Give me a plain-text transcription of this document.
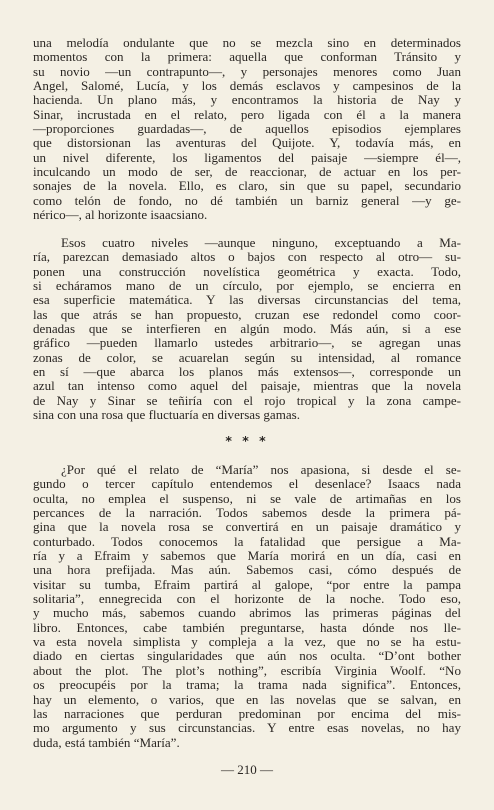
una melodía ondulante que no se mezcla sino en determinados
momentos con la primera: aquella que conforman Tránsito y
su novio —un contrapunto—, y personajes menores como Juan
Angel, Salomé, Lucía, y los demás esclavos y campesinos de la
hacienda. Un plano más, y encontramos la historia de Nay y
Sinar, incrustada en el relato, pero ligada con él a la manera
—proporciones guardadas—, de aquellos episodios ejemplares
que distorsionan las aventuras del Quijote. Y, todavía más, en
un nivel diferente, los ligamentos del paisaje —siempre él—,
inculcando un modo de ser, de reaccionar, de actuar en los per-
sonajes de la novela. Ello, es claro, sin que su papel, secundario
como telón de fondo, no dé también un barniz general —y ge-
nérico—, al horizonte isaacsiano.
Esos cuatro niveles —aunque ninguno, exceptuando a Ma-
ría, parezcan demasiado altos o bajos con respecto al otro— su-
ponen una construcción novelística geométrica y exacta. Todo,
si echáramos mano de un círculo, por ejemplo, se encierra en
esa superficie matemática. Y las diversas circunstancias del tema,
las que atrás se han propuesto, cruzan ese redondel como coor-
denadas que se interfieren en algún modo. Más aún, si a ese
gráfico —pueden llamarlo ustedes arbitrario—, se agregan unas
zonas de color, se acuarelan según su intensidad, al romance
en sí —que abarca los planos más extensos—, corresponde un
azul tan intenso como aquel del paisaje, mientras que la novela
de Nay y Sinar se teñiría con el rojo tropical y la zona campe-
sina con una rosa que fluctuaría en diversas gamas.
* * *
¿Por qué el relato de “María” nos apasiona, si desde el se-
gundo o tercer capítulo entendemos el desenlace? Isaacs nada
oculta, no emplea el suspenso, ni se vale de artimañas en los
percances de la narración. Todos sabemos desde la primera pá-
gina que la novela rosa se convertirá en un paisaje dramático y
conturbado. Todos conocemos la fatalidad que persigue a Ma-
ría y a Efraim y sabemos que María morirá en un día, casi en
una hora prefijada. Mas aún. Sabemos casi, cómo después de
visitar su tumba, Efraim partirá al galope, “por entre la pampa
solitaria”, ennegrecida con el horizonte de la noche. Todo eso,
y mucho más, sabemos cuando abrimos las primeras páginas del
libro. Entonces, cabe también preguntarse, hasta dónde nos lle-
va esta novela simplista y compleja a la vez, que no se ha estu-
diado en ciertas singularidades que aún nos oculta. “D’ont bother
about the plot. The plot’s nothing”, escribía Virginia Woolf. “No
os preocupéis por la trama; la trama nada significa”. Entonces,
hay un elemento, o varios, que en las novelas que se salvan, en
las narraciones que perduran predominan por encima del mis-
mo argumento y sus circunstancias. Y entre esas novelas, no hay
duda, está también “María”.
— 210 —
